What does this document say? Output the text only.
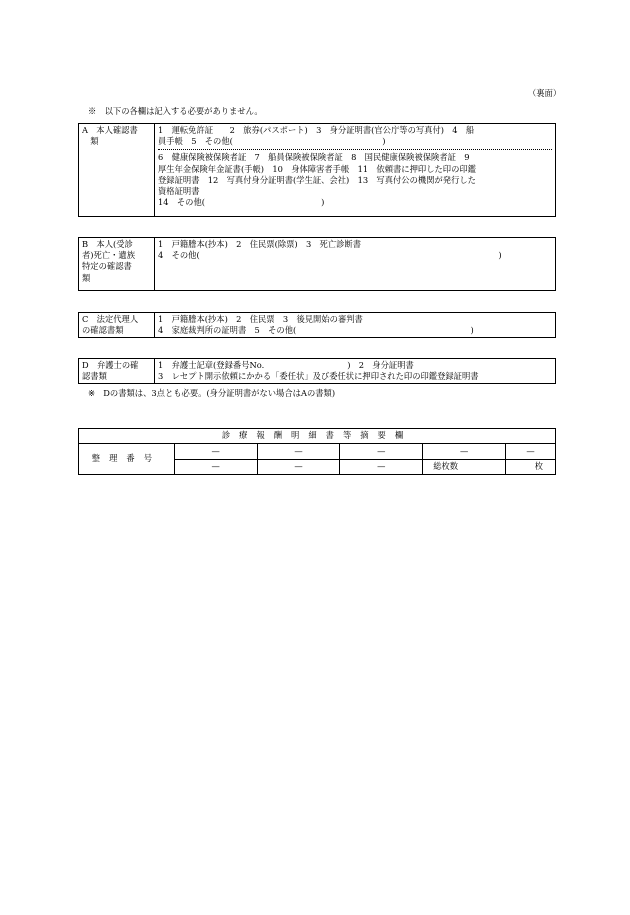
（裏面）
※　以下の各欄は記入する必要がありません。
A　本人確認書
　類

1　運転免許証　　2　旅券(パスポート)　3　身分証明書(官公庁等の写真付)　4　船
員手帳　5　その他(　　　　　　　　　　　　　　　　　　)
6　健康保険被保険者証　7　船員保険被保険者証　8　国民健康保険被保険者証　9
厚生年金保険年金証書(手帳)　10　身体障害者手帳　11　依頼書に押印した印の印鑑
登録証明書　12　写真付身分証明書(学生証、会社)　13　写真付公の機関が発行した
資格証明書
14　その他(　　　　　　　　　　　　　　)
B　本人(受診
者)死亡・遺族
特定の確認書
類

1　戸籍謄本(抄本)　2　住民票(除票)　3　死亡診断書
4　その他(　　　　　　　　　　　　　　　　　　　　　　　　　　　　　　　　　　　　)
C　法定代理人
の確認書類

1　戸籍謄本(抄本)　2　住民票　3　後見開始の審判書
4　家庭裁判所の証明書　5　その他(　　　　　　　　　　　　　　　　　　　　　)
D　弁護士の確
認書類

1　弁護士記章(登録番号No.　　　　　　　　　　)　2　身分証明書
3　レセプト開示依頼にかかる「委任状」及び委任状に押印された印の印鑑登録証明書
※　Dの書類は、3点とも必要。(身分証明書がない場合はAの書類)
診療報酬明細書等摘要欄					
整理番号	—	—	—	—	—
	—	—	—	総枚数	枚
